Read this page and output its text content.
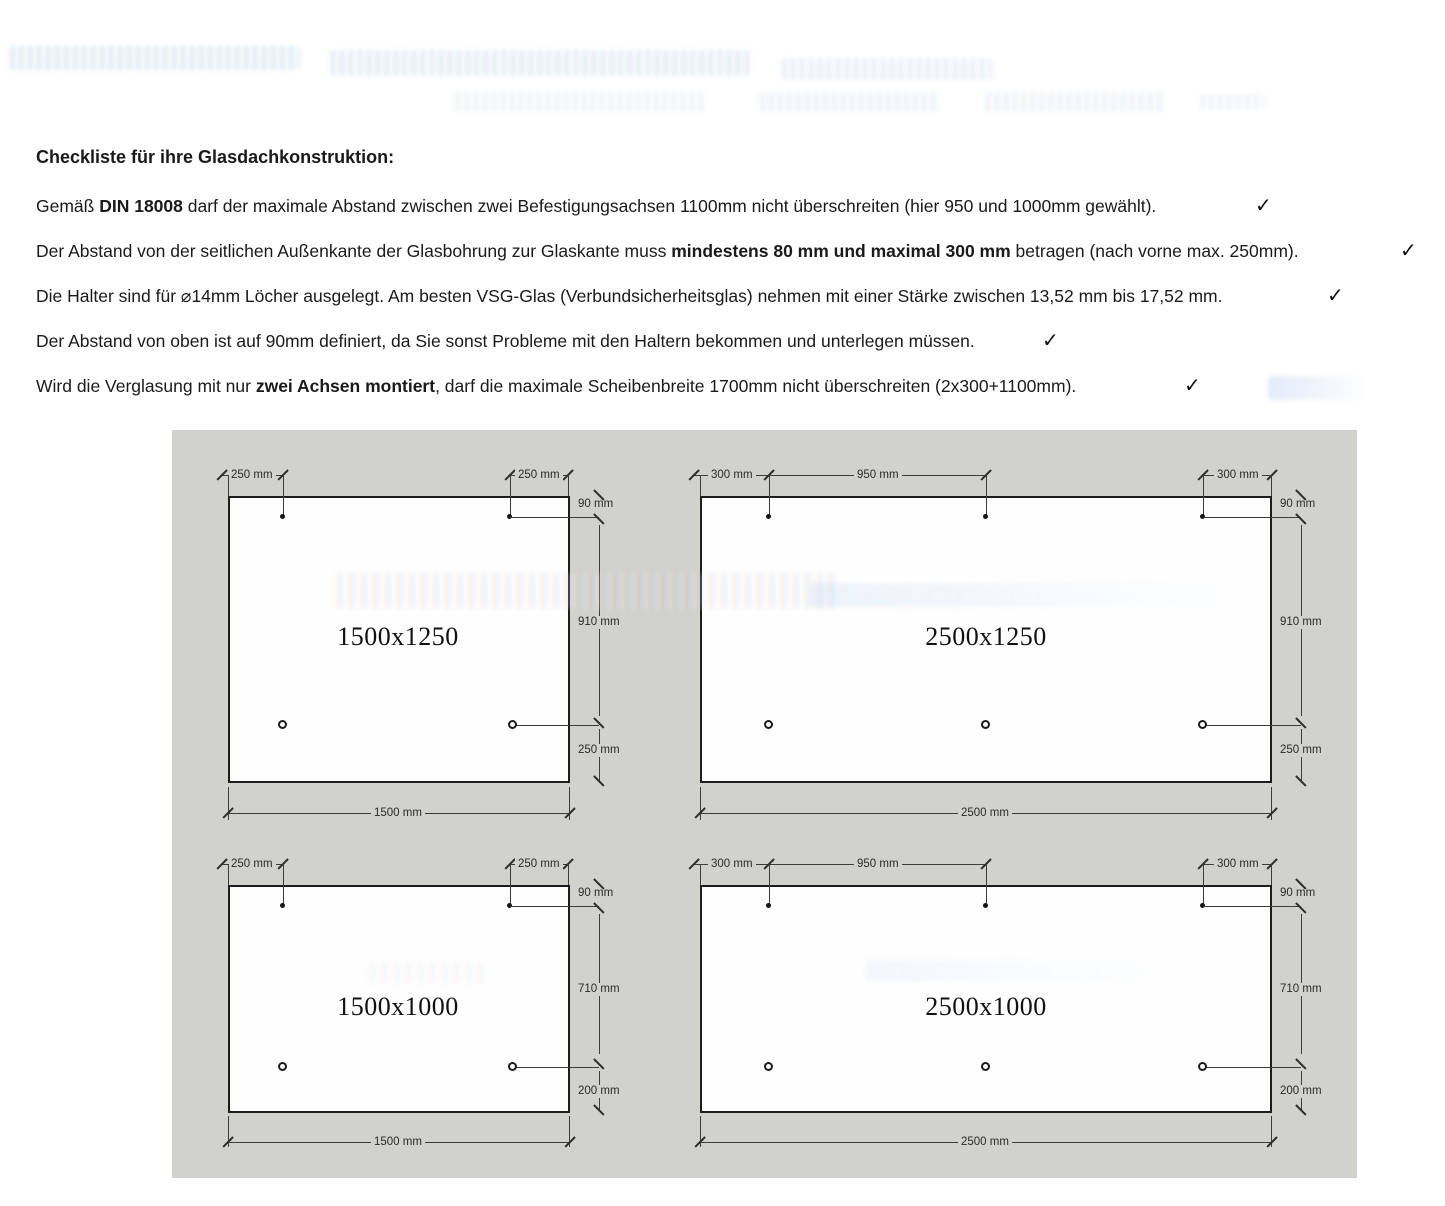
Checkliste für ihre Glasdachkonstruktion:
Gemäß DIN 18008 darf der maximale Abstand zwischen zwei Befestigungsachsen 1100mm nicht überschreiten (hier 950 und 1000mm gewählt).	✓
Der Abstand von der seitlichen Außenkante der Glasbohrung zur Glaskante muss mindestens 80 mm und maximal 300 mm betragen (nach vorne max. 250mm).	✓
Die Halter sind für ⌀14mm Löcher ausgelegt. Am besten VSG-Glas (Verbundsicherheitsglas) nehmen mit einer Stärke zwischen 13,52 mm bis 17,52 mm.	✓
Der Abstand von oben ist auf 90mm definiert, da Sie sonst Probleme mit den Haltern bekommen und unterlegen müssen.	✓
Wird die Verglasung mit nur zwei Achsen montiert, darf die maximale Scheibenbreite 1700mm nicht überschreiten (2x300+1100mm).	✓
1500x1250
250 mm	250 mm
90 mm
910 mm
250 mm
1500 mm
2500x1250
300 mm	950 mm	300 mm
90 mm
910 mm
250 mm
2500 mm
1500x1000
250 mm	250 mm
90 mm
710 mm
200 mm
1500 mm
2500x1000
300 mm	950 mm	300 mm
90 mm
710 mm
200 mm
2500 mm
